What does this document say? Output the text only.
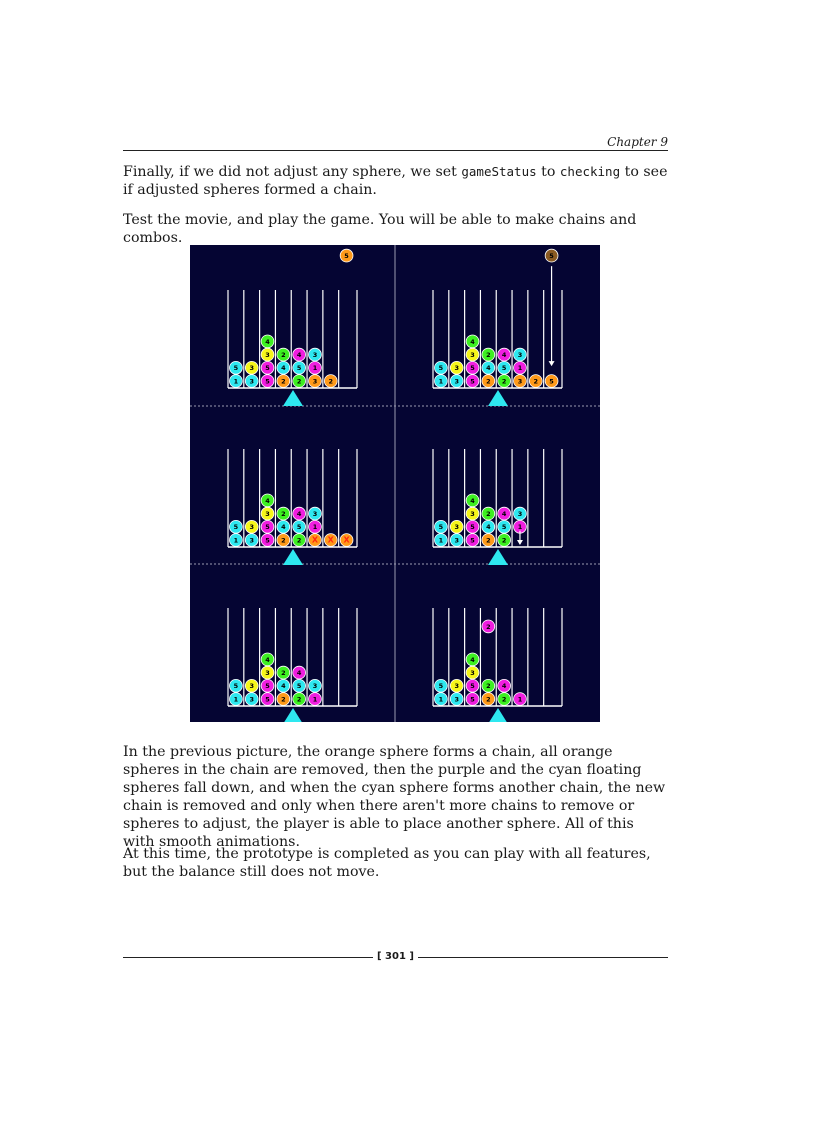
Chapter 9

Finally, if we did not adjust any sphere, we set gameStatus to checking to see if adjusted spheres formed a chain.

Test the movie, and play the game. You will be able to make chains and combos.

4
3 2 4 3
5 3 5 4 5 1
1 3 5 2 2 3 2
5
4
3 2 4 3
5 3 5 4 5 1
1 3 5 2 2 3 2 5
5
4
3 2 4 3
5 3 5 4 5 1
1 3 5 2 2 X X X
4
3 2 4 3
5 3 5 4 5 1
1 3 5 2 2
4
3 2 4
5 3 5 4 5 3
1 3 5 2 2 1
4
3
5 3 5 2 4
1 3 5 2 2 1
2

In the previous picture, the orange sphere forms a chain, all orange spheres in the chain are removed, then the purple and the cyan floating spheres fall down, and when the cyan sphere forms another chain, the new chain is removed and only when there aren't more chains to remove or spheres to adjust, the player is able to place another sphere. All of this with smooth animations.

At this time, the prototype is completed as you can play with all features, but the balance still does not move.

[ 301 ]
